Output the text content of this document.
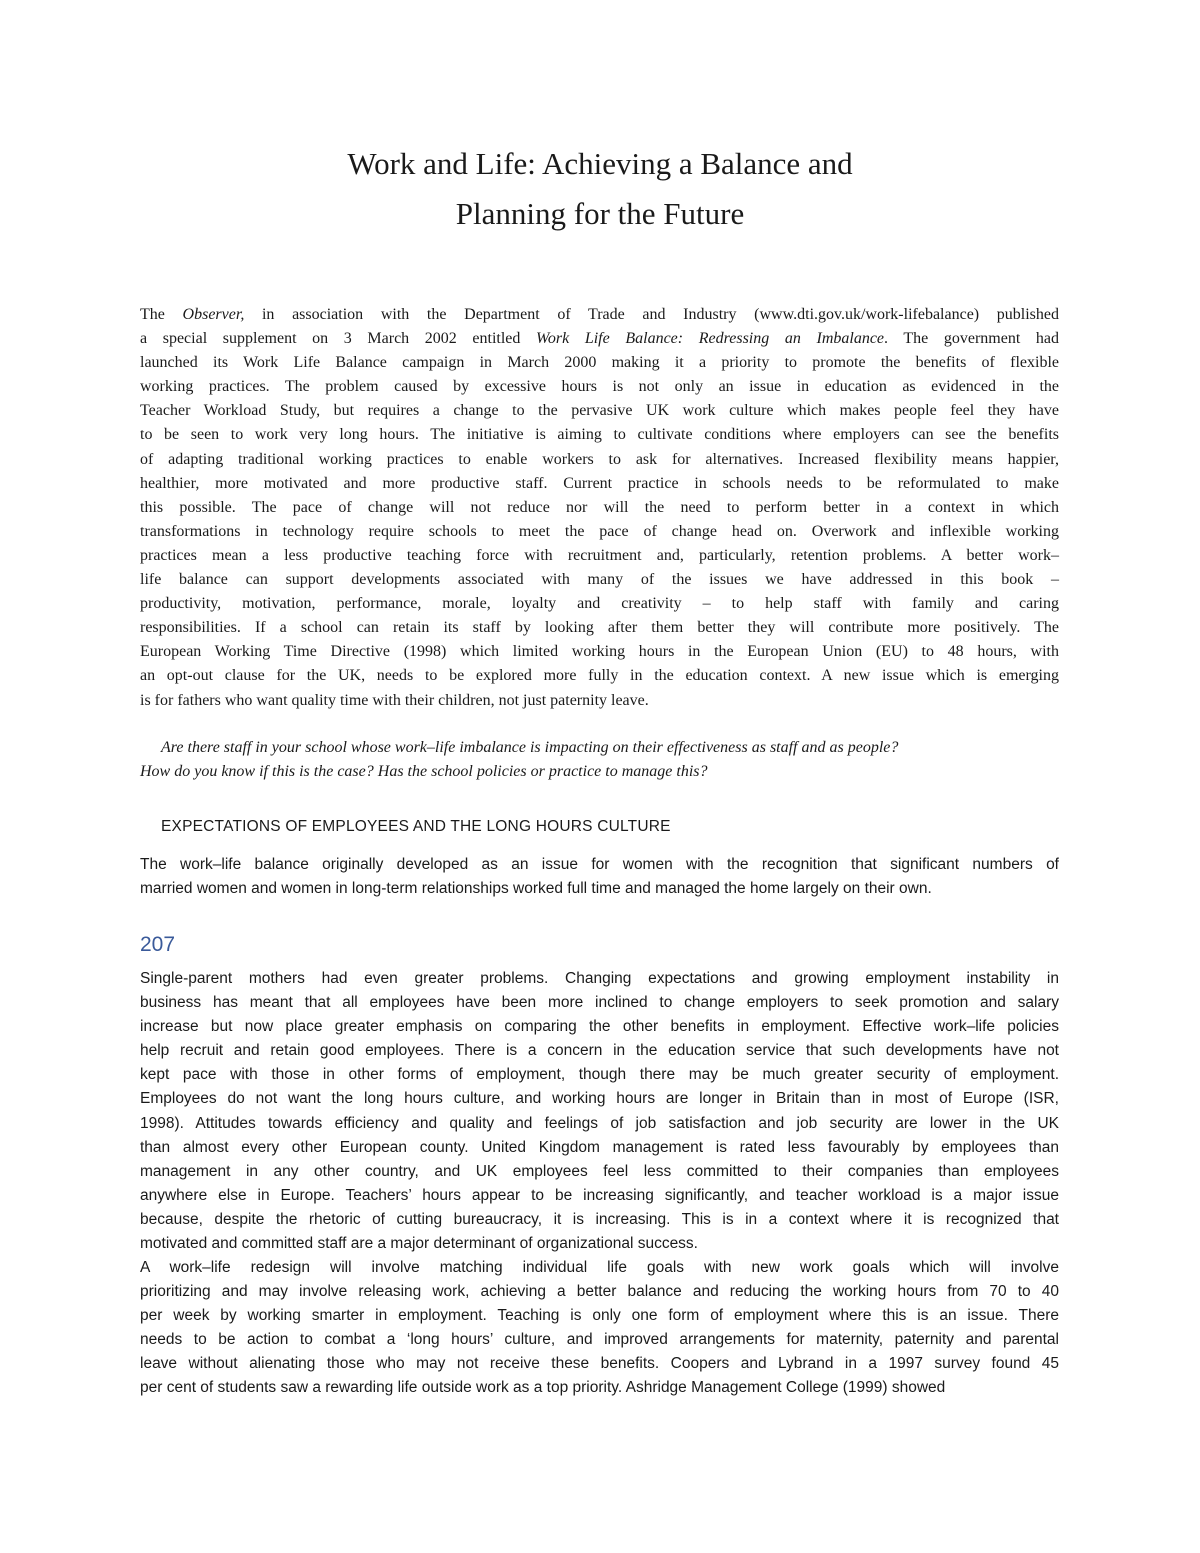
Work and Life: Achieving a Balance and
Planning for the Future
The Observer, in association with the Department of Trade and Industry (www.dti.gov.uk/work-lifebalance) published
a special supplement on 3 March 2002 entitled Work Life Balance: Redressing an Imbalance. The government had
launched its Work Life Balance campaign in March 2000 making it a priority to promote the benefits of flexible
working practices. The problem caused by excessive hours is not only an issue in education as evidenced in the
Teacher Workload Study, but requires a change to the pervasive UK work culture which makes people feel they have
to be seen to work very long hours. The initiative is aiming to cultivate conditions where employers can see the benefits
of adapting traditional working practices to enable workers to ask for alternatives. Increased flexibility means happier,
healthier, more motivated and more productive staff. Current practice in schools needs to be reformulated to make
this possible. The pace of change will not reduce nor will the need to perform better in a context in which
transformations in technology require schools to meet the pace of change head on. Overwork and inflexible working
practices mean a less productive teaching force with recruitment and, particularly, retention problems. A better work–
life balance can support developments associated with many of the issues we have addressed in this book –
productivity, motivation, performance, morale, loyalty and creativity – to help staff with family and caring
responsibilities. If a school can retain its staff by looking after them better they will contribute more positively. The
European Working Time Directive (1998) which limited working hours in the European Union (EU) to 48 hours, with
an opt-out clause for the UK, needs to be explored more fully in the education context. A new issue which is emerging
is for fathers who want quality time with their children, not just paternity leave.
Are there staff in your school whose work–life imbalance is impacting on their effectiveness as staff and as people?
How do you know if this is the case? Has the school policies or practice to manage this?
EXPECTATIONS OF EMPLOYEES AND THE LONG HOURS CULTURE
The work–life balance originally developed as an issue for women with the recognition that significant numbers of
married women and women in long-term relationships worked full time and managed the home largely on their own.
207
Single-parent mothers had even greater problems. Changing expectations and growing employment instability in
business has meant that all employees have been more inclined to change employers to seek promotion and salary
increase but now place greater emphasis on comparing the other benefits in employment. Effective work–life policies
help recruit and retain good employees. There is a concern in the education service that such developments have not
kept pace with those in other forms of employment, though there may be much greater security of employment.
Employees do not want the long hours culture, and working hours are longer in Britain than in most of Europe (ISR,
1998). Attitudes towards efficiency and quality and feelings of job satisfaction and job security are lower in the UK
than almost every other European county. United Kingdom management is rated less favourably by employees than
management in any other country, and UK employees feel less committed to their companies than employees
anywhere else in Europe. Teachers’ hours appear to be increasing significantly, and teacher workload is a major issue
because, despite the rhetoric of cutting bureaucracy, it is increasing. This is in a context where it is recognized that
motivated and committed staff are a major determinant of organizational success.
A work–life redesign will involve matching individual life goals with new work goals which will involve
prioritizing and may involve releasing work, achieving a better balance and reducing the working hours from 70 to 40
per week by working smarter in employment. Teaching is only one form of employment where this is an issue. There
needs to be action to combat a ‘long hours’ culture, and improved arrangements for maternity, paternity and parental
leave without alienating those who may not receive these benefits. Coopers and Lybrand in a 1997 survey found 45
per cent of students saw a rewarding life outside work as a top priority. Ashridge Management College (1999) showed
